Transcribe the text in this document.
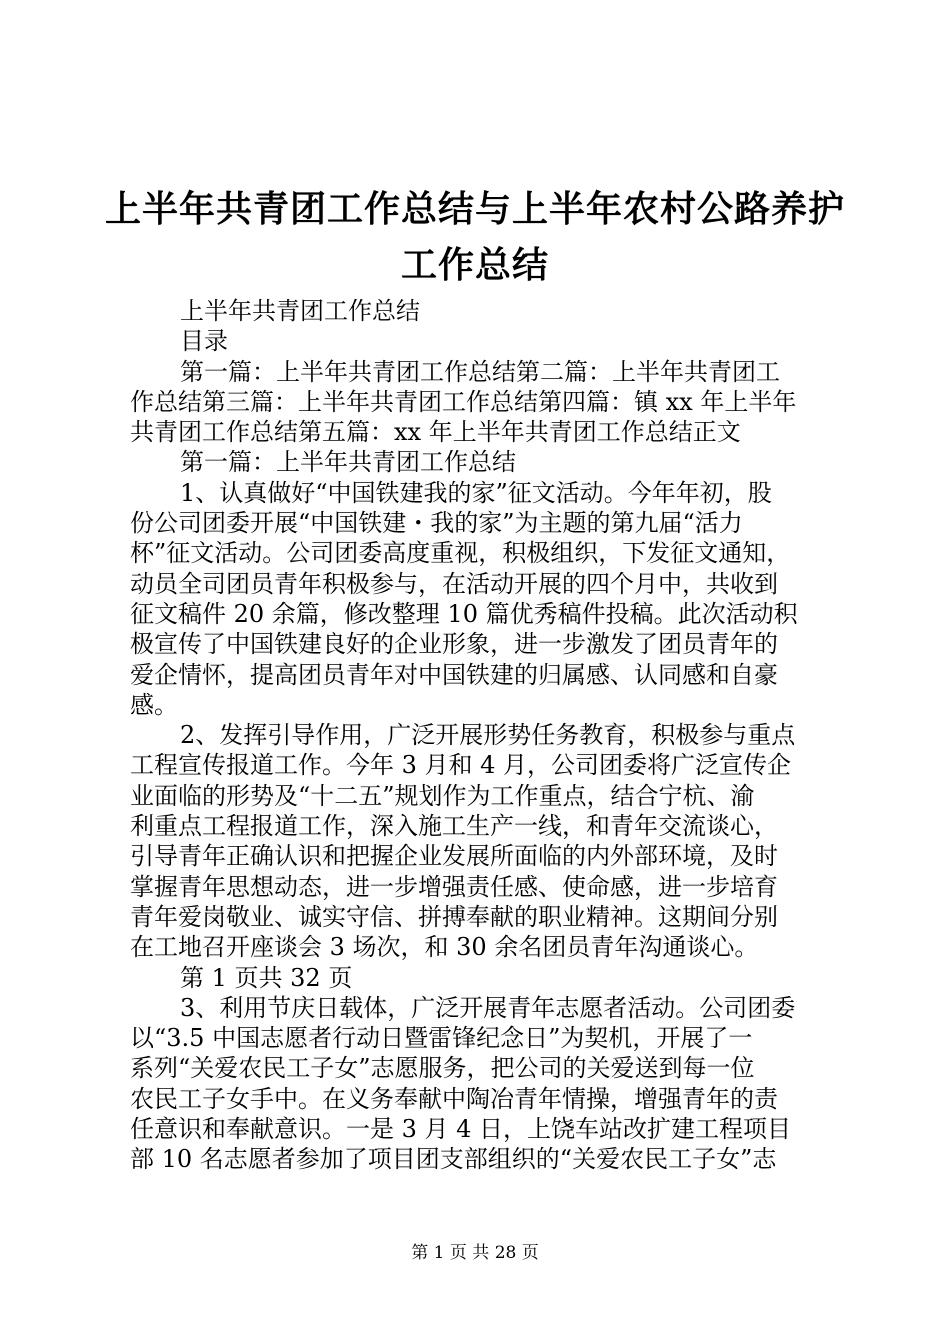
上半年共青团工作总结与上半年农村公路养护
工作总结
上半年共青团工作总结
目录
第一篇：上半年共青团工作总结第二篇：上半年共青团工
作总结第三篇：上半年共青团工作总结第四篇：镇 xx 年上半年
共青团工作总结第五篇：xx 年上半年共青团工作总结正文
第一篇：上半年共青团工作总结
1、认真做好“中国铁建我的家”征文活动。今年年初，股
份公司团委开展“中国铁建・我的家”为主题的第九届“活力
杯”征文活动。公司团委高度重视，积极组织，下发征文通知，
动员全司团员青年积极参与，在活动开展的四个月中，共收到
征文稿件 20 余篇，修改整理 10 篇优秀稿件投稿。此次活动积
极宣传了中国铁建良好的企业形象，进一步激发了团员青年的
爱企情怀，提高团员青年对中国铁建的归属感、认同感和自豪
感。
2、发挥引导作用，广泛开展形势任务教育，积极参与重点
工程宣传报道工作。今年 3 月和 4 月，公司团委将广泛宣传企
业面临的形势及“十二五”规划作为工作重点，结合宁杭、渝
利重点工程报道工作，深入施工生产一线，和青年交流谈心，
引导青年正确认识和把握企业发展所面临的内外部环境，及时
掌握青年思想动态，进一步增强责任感、使命感，进一步培育
青年爱岗敬业、诚实守信、拼搏奉献的职业精神。这期间分别
在工地召开座谈会 3 场次，和 30 余名团员青年沟通谈心。
第 1 页共 32 页
3、利用节庆日载体，广泛开展青年志愿者活动。公司团委
以“3.5 中国志愿者行动日暨雷锋纪念日”为契机，开展了一
系列“关爱农民工子女”志愿服务，把公司的关爱送到每一位
农民工子女手中。在义务奉献中陶冶青年情操，增强青年的责
任意识和奉献意识。一是 3 月 4 日，上饶车站改扩建工程项目
部 10 名志愿者参加了项目团支部组织的“关爱农民工子女”志
第 1 页 共 28 页
